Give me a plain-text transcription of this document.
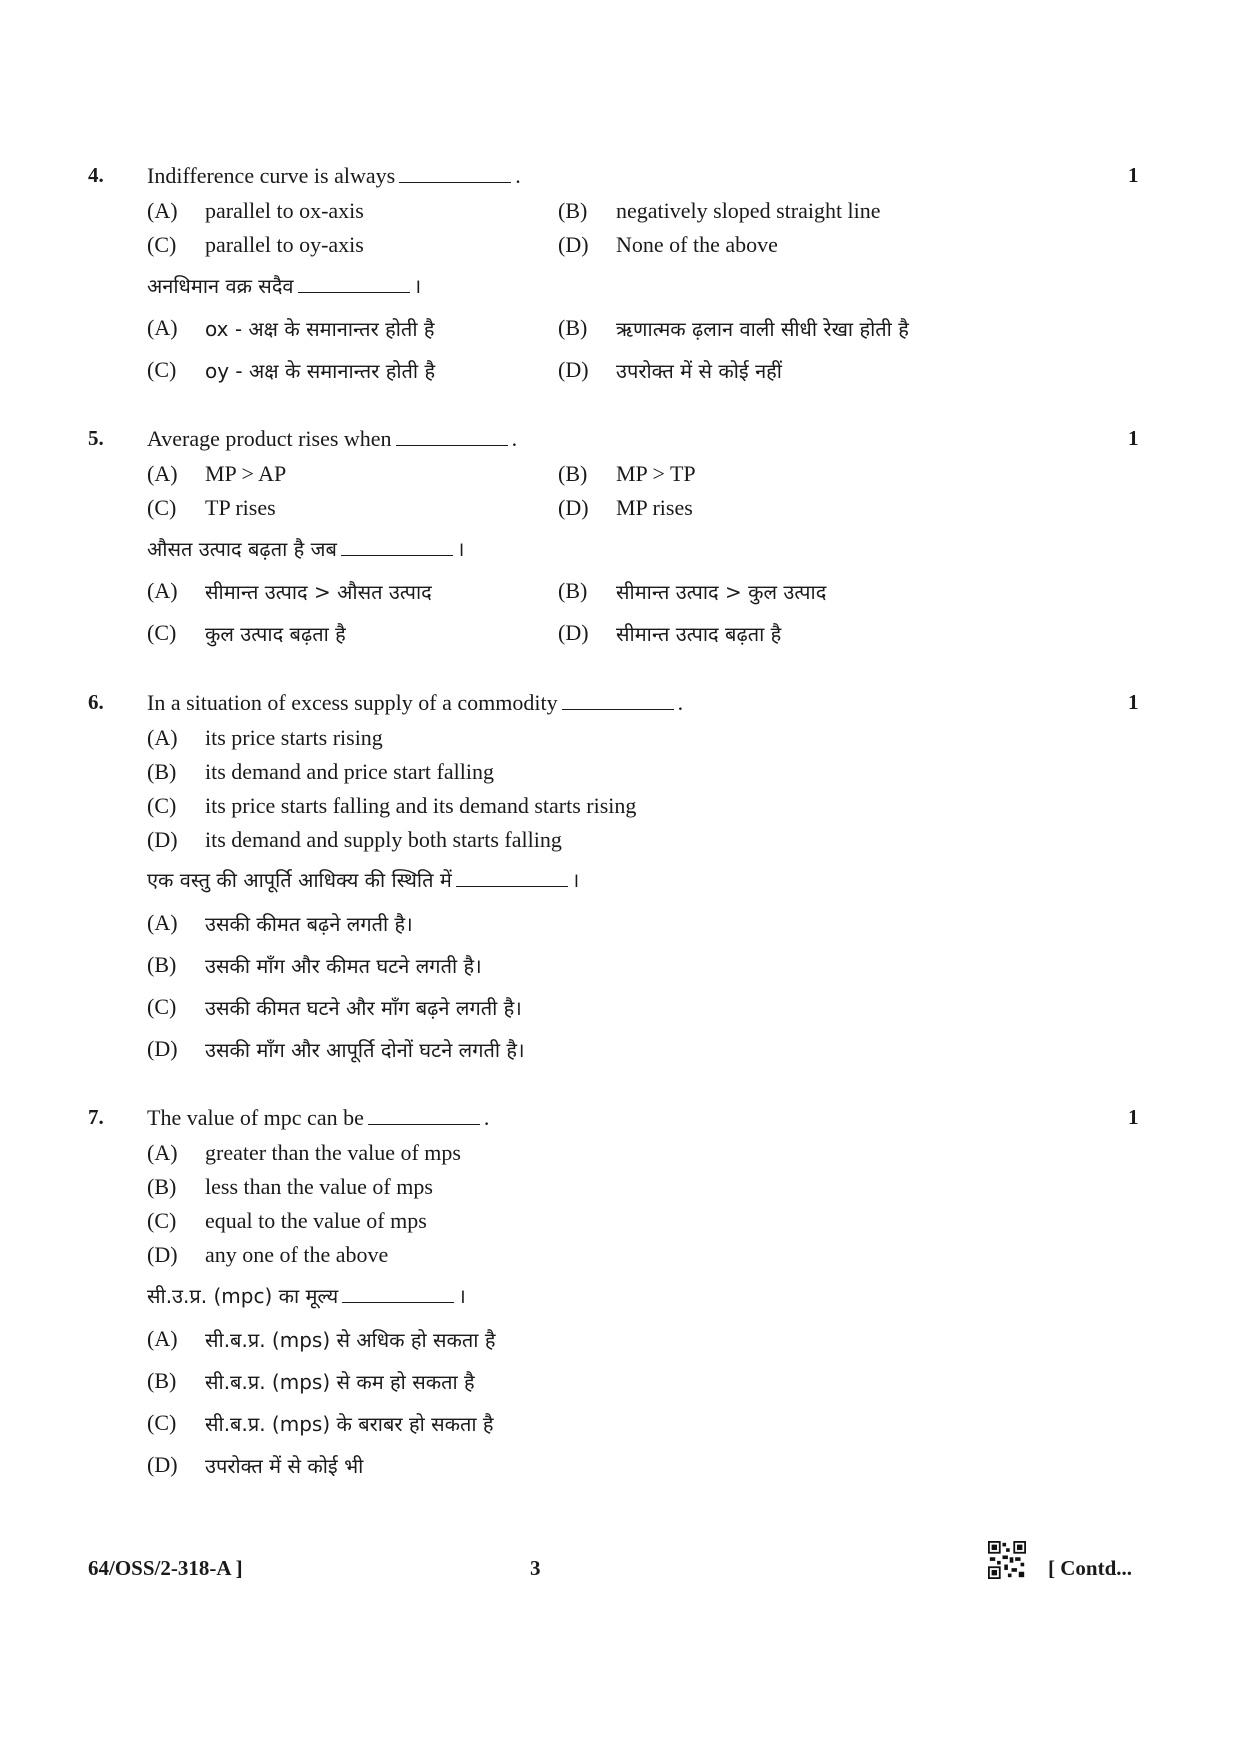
4.	1
Indifference curve is always	.
(A) parallel to ox-axis	(B) negatively sloped straight line
(C) parallel to oy-axis	(D) None of the above
अनधिमान वक्र सदैव	।
(A) ox - अक्ष के समानान्तर होती है	(B) ऋणात्मक ढ़लान वाली सीधी रेखा होती है
(C) oy - अक्ष के समानान्तर होती है	(D) उपरोक्त में से कोई नहीं
5.	1
Average product rises when	.
(A) MP > AP	(B) MP > TP
(C) TP rises	(D) MP rises
औसत उत्पाद बढ़ता है जब	।
(A) सीमान्त उत्पाद > औसत उत्पाद	(B) सीमान्त उत्पाद > कुल उत्पाद
(C) कुल उत्पाद बढ़ता है	(D) सीमान्त उत्पाद बढ़ता है
6.	1
In a situation of excess supply of a commodity	.
(A) its price starts rising
(B) its demand and price start falling
(C) its price starts falling and its demand starts rising
(D) its demand and supply both starts falling
एक वस्तु की आपूर्ति आधिक्य की स्थिति में	।
(A) उसकी कीमत बढ़ने लगती है।
(B) उसकी माँग और कीमत घटने लगती है।
(C) उसकी कीमत घटने और माँग बढ़ने लगती है।
(D) उसकी माँग और आपूर्ति दोनों घटने लगती है।
7.	1
The value of mpc can be	.
(A) greater than the value of mps
(B) less than the value of mps
(C) equal to the value of mps
(D) any one of the above
सी.उ.प्र. (mpc) का मूल्य	।
(A) सी.ब.प्र. (mps) से अधिक हो सकता है
(B) सी.ब.प्र. (mps) से कम हो सकता है
(C) सी.ब.प्र. (mps) के बराबर हो सकता है
(D) उपरोक्त में से कोई भी
64/OSS/2-318-A ]	3	[ Contd...
